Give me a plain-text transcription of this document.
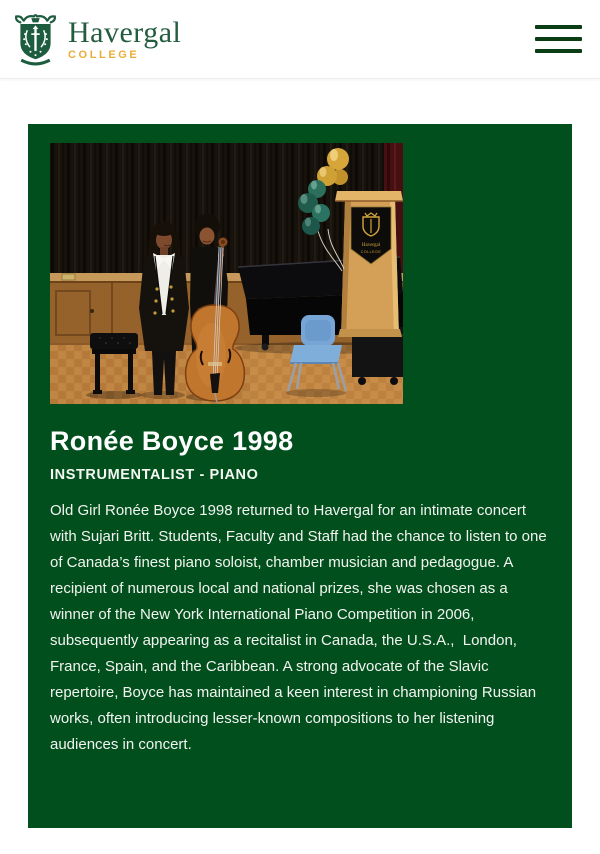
Havergal
COLLEGE
Havergal
COLLEGE
Ronée Boyce 1998
INSTRUMENTALIST - PIANO

Old Girl Ronée Boyce 1998 returned to Havergal for an intimate concert with Sujari Britt. Students, Faculty and Staff had the chance to listen to one of Canada’s finest piano soloist, chamber musician and pedagogue. A recipient of numerous local and national prizes, she was chosen as a winner of the New York International Piano Competition in 2006, subsequently appearing as a recitalist in Canada, the U.S.A.,  London, France, Spain, and the Caribbean. A strong advocate of the Slavic repertoire, Boyce has maintained a keen interest in championing Russian works, often introducing lesser-known compositions to her listening audiences in concert.
